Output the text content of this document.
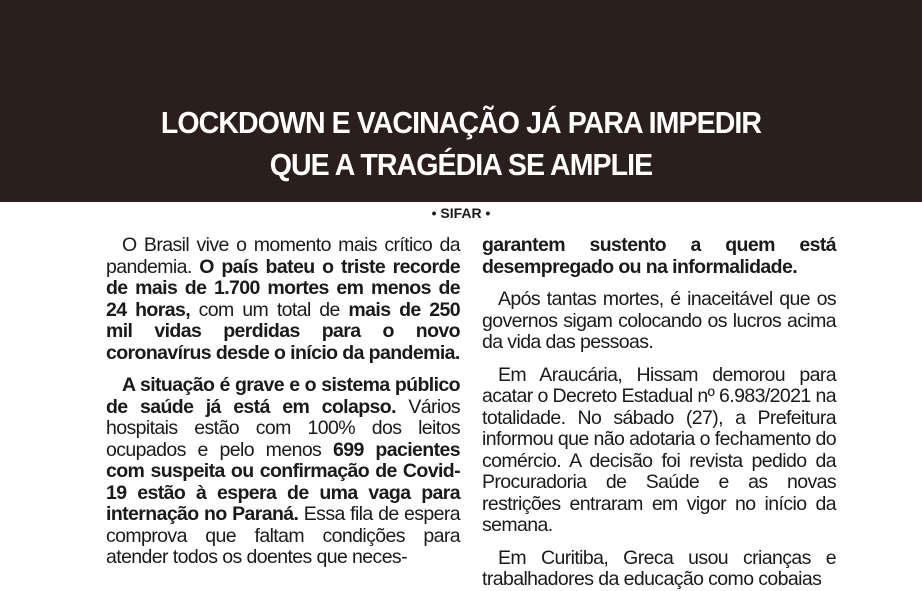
LOCKDOWN E VACINAÇÃO JÁ PARA IMPEDIR
QUE A TRAGÉDIA SE AMPLIE
• SIFAR •

O Brasil vive o momento mais crítico da pandemia. O país bateu o triste recorde de mais de 1.700 mortes em menos de 24 horas, com um total de mais de 250 mil vidas perdidas para o novo coronavírus desde o início da pandemia.

A situação é grave e o sistema público de saúde já está em colapso. Vários hospitais estão com 100% dos leitos ocupados e pelo menos 699 pacientes com suspeita ou confirmação de Covid-19 estão à espera de uma vaga para internação no Paraná. Essa fila de espera comprova que faltam condições para atender todos os doentes que neces-

garantem sustento a quem está desempregado ou na informalidade.

Após tantas mortes, é inaceitável que os governos sigam colocando os lucros acima da vida das pessoas.

Em Araucária, Hissam demorou para acatar o Decreto Estadual nº 6.983/2021 na totalidade. No sábado (27), a Prefeitura informou que não adotaria o fechamento do comércio. A decisão foi revista pedido da Procuradoria de Saúde e as novas restrições entraram em vigor no início da semana.

Em Curitiba, Greca usou crianças e trabalhadores da educação como cobaias
